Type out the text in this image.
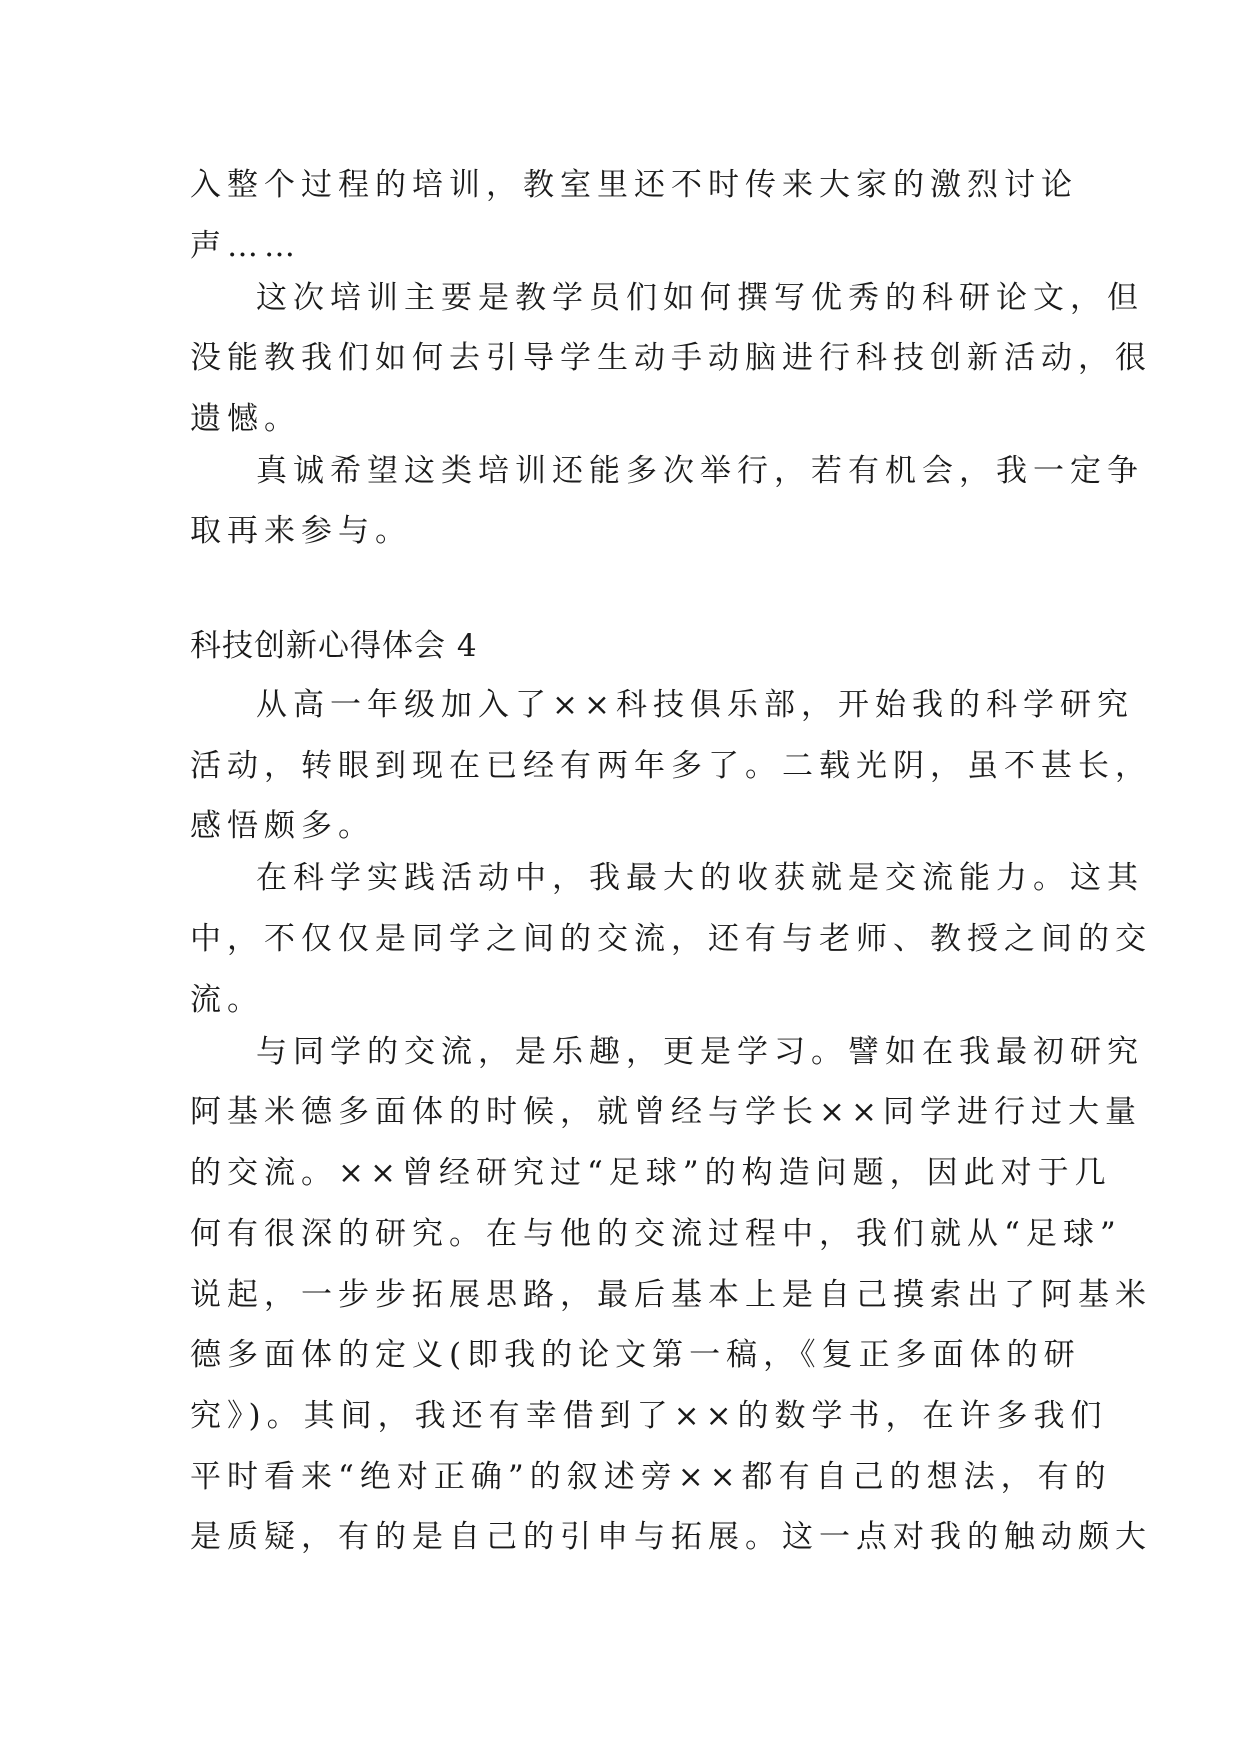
入整个过程的培训，教室里还不时传来大家的激烈讨论
声……
这次培训主要是教学员们如何撰写优秀的科研论文，但
没能教我们如何去引导学生动手动脑进行科技创新活动，很
遗憾。
真诚希望这类培训还能多次举行，若有机会，我一定争
取再来参与。
科技创新心得体会 4
从高一年级加入了××科技俱乐部，开始我的科学研究
活动，转眼到现在已经有两年多了。二载光阴，虽不甚长，
感悟颇多。
在科学实践活动中，我最大的收获就是交流能力。这其
中，不仅仅是同学之间的交流，还有与老师、教授之间的交
流。
与同学的交流，是乐趣，更是学习。譬如在我最初研究
阿基米德多面体的时候，就曾经与学长××同学进行过大量
的交流。××曾经研究过“足球”的构造问题，因此对于几
何有很深的研究。在与他的交流过程中，我们就从“足球”
说起，一步步拓展思路，最后基本上是自己摸索出了阿基米
德多面体的定义(即我的论文第一稿，《复正多面体的研
究》)。其间，我还有幸借到了××的数学书，在许多我们
平时看来“绝对正确”的叙述旁××都有自己的想法，有的
是质疑，有的是自己的引申与拓展。这一点对我的触动颇大
